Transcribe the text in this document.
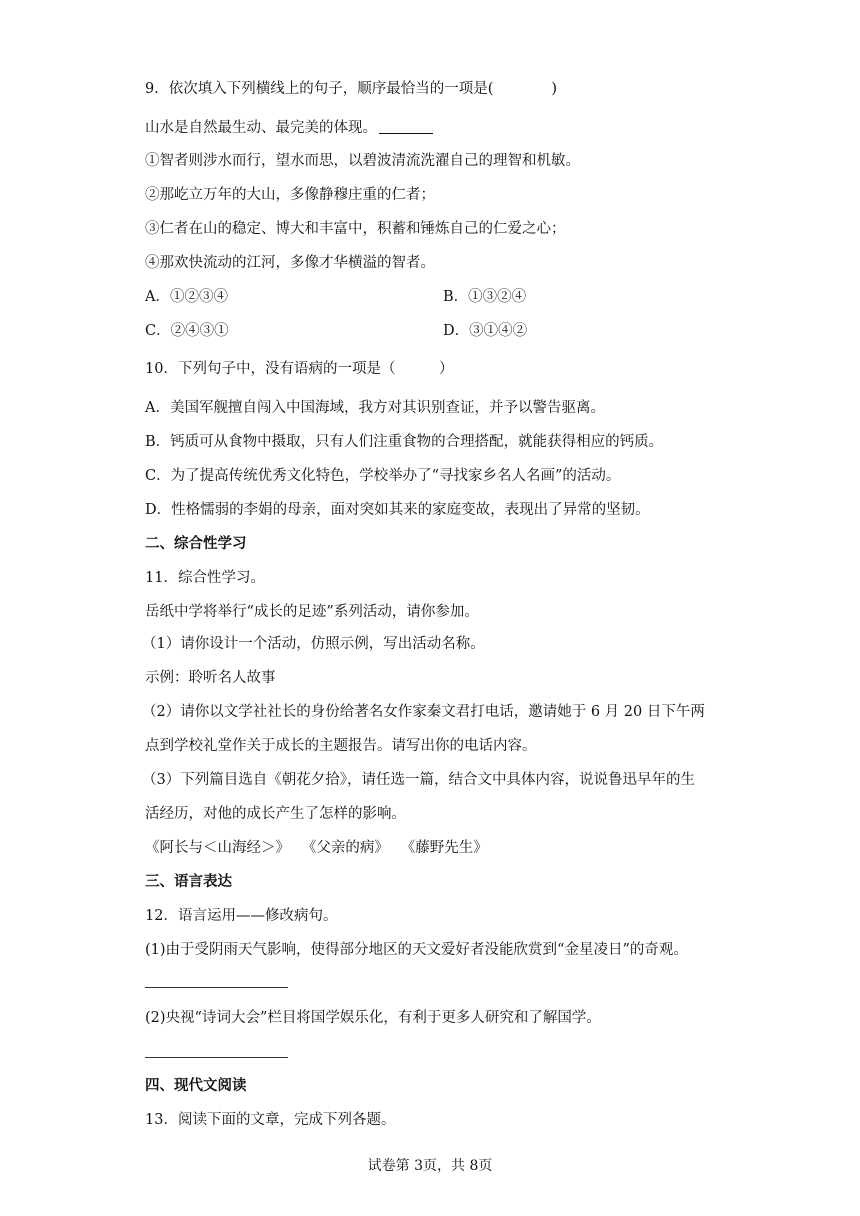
9．依次填入下列横线上的句子，顺序最恰当的一项是(　　　　)
山水是自然最生动、最完美的体现。
①智者则涉水而行，望水而思，以碧波清流洗濯自己的理智和机敏。
②那屹立万年的大山，多像静穆庄重的仁者；
③仁者在山的稳定、博大和丰富中，积蓄和锤炼自己的仁爱之心；
④那欢快流动的江河，多像才华横溢的智者。
A．①②③④	B．①③②④
C．②④③①	D．③①④②
10．下列句子中，没有语病的一项是（　　　）
A．美国军舰擅自闯入中国海域，我方对其识别查证，并予以警告驱离。
B．钙质可从食物中摄取，只有人们注重食物的合理搭配，就能获得相应的钙质。
C．为了提高传统优秀文化特色，学校举办了“寻找家乡名人名画”的活动。
D．性格懦弱的李娟的母亲，面对突如其来的家庭变故，表现出了异常的坚韧。
二、综合性学习
11．综合性学习。
岳纸中学将举行“成长的足迹”系列活动，请你参加。
（1）请你设计一个活动，仿照示例，写出活动名称。
示例：聆听名人故事
（2）请你以文学社社长的身份给著名女作家秦文君打电话，邀请她于 6 月 20 日下午两
点到学校礼堂作关于成长的主题报告。请写出你的电话内容。
（3）下列篇目选自《朝花夕拾》，请任选一篇，结合文中具体内容，说说鲁迅早年的生
活经历，对他的成长产生了怎样的影响。
《阿长与＜山海经＞》　 《父亲的病》　 《藤野先生》
三、语言表达
12．语言运用——修改病句。
(1)由于受阴雨天气影响，使得部分地区的天文爱好者没能欣赏到“金星凌日”的奇观。
(2)央视“诗词大会”栏目将国学娱乐化，有利于更多人研究和了解国学。
四、现代文阅读
13．阅读下面的文章，完成下列各题。
试卷第 3页，共 8页
